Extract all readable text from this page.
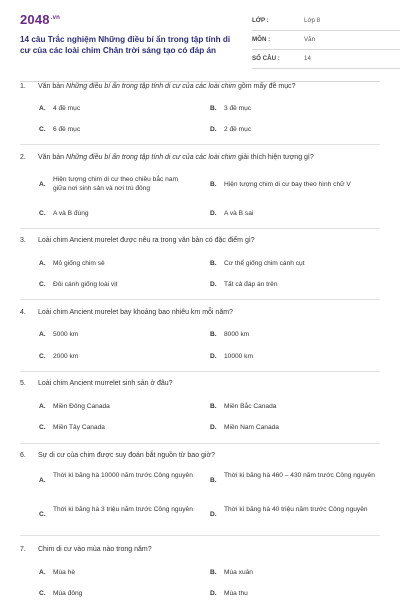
$2048^{.vn}$
14 câu Trắc nghiệm Những điều bí ẩn trong tập tính di cư của các loài chim Chân trời sáng tạo có đáp án
LỚP :	Lớp 8
MÔN :	Văn
SỐ CÂU :	14
1. Văn bản Những điều bí ẩn trong tập tính di cư của các loài chim gồm mấy đề mục?
A. 4 đề mục	B. 3 đề mục
C. 6 đề mục	D. 2 đề mục
2. Văn bản Những điều bí ẩn trong tập tính di cư của các loài chim giải thích hiện tượng gì?
A.
Hiện tượng chim di cư theo chiều bắc nam giữa nơi sinh sản và nơi trú đông
B. Hiện tượng chim di cư bay theo hình chữ V
C. A và B đúng	D. A và B sai
3. Loài chim Ancient murelet được nêu ra trong văn bản có đặc điểm gì?
A. Mỏ giống chim sẻ	B. Cơ thể giống chim cánh cụt
C. Đôi cánh giống loài vịt	D. Tất cả đáp án trên
4. Loài chim Ancient murelet bay khoảng bao nhiêu km mỗi năm?
A. 5000 km	B. 8000 km
C. 2000 km	D. 10000 km
5. Loài chim Ancient murrelet sinh sản ở đâu?
A. Miền Đông Canada	B. Miền Bắc Canada
C. Miền Tây Canada	D. Miền Nam Canada
6. Sự di cư của chim được suy đoán bắt nguồn từ bao giờ?
A.
Thời kì băng hà 10000 năm trước Công nguyên
B.
Thời kì băng hà 460 – 430 năm trước Công nguyên
C.
Thời kì băng hà 3 triệu năm trước Công nguyên
D.
Thời kì băng hà 40 triệu năm trước Công nguyên
7. Chim di cư vào mùa nào trong năm?
A. Mùa hè	B. Mùa xuân
C. Mùa đông	D. Mùa thu
